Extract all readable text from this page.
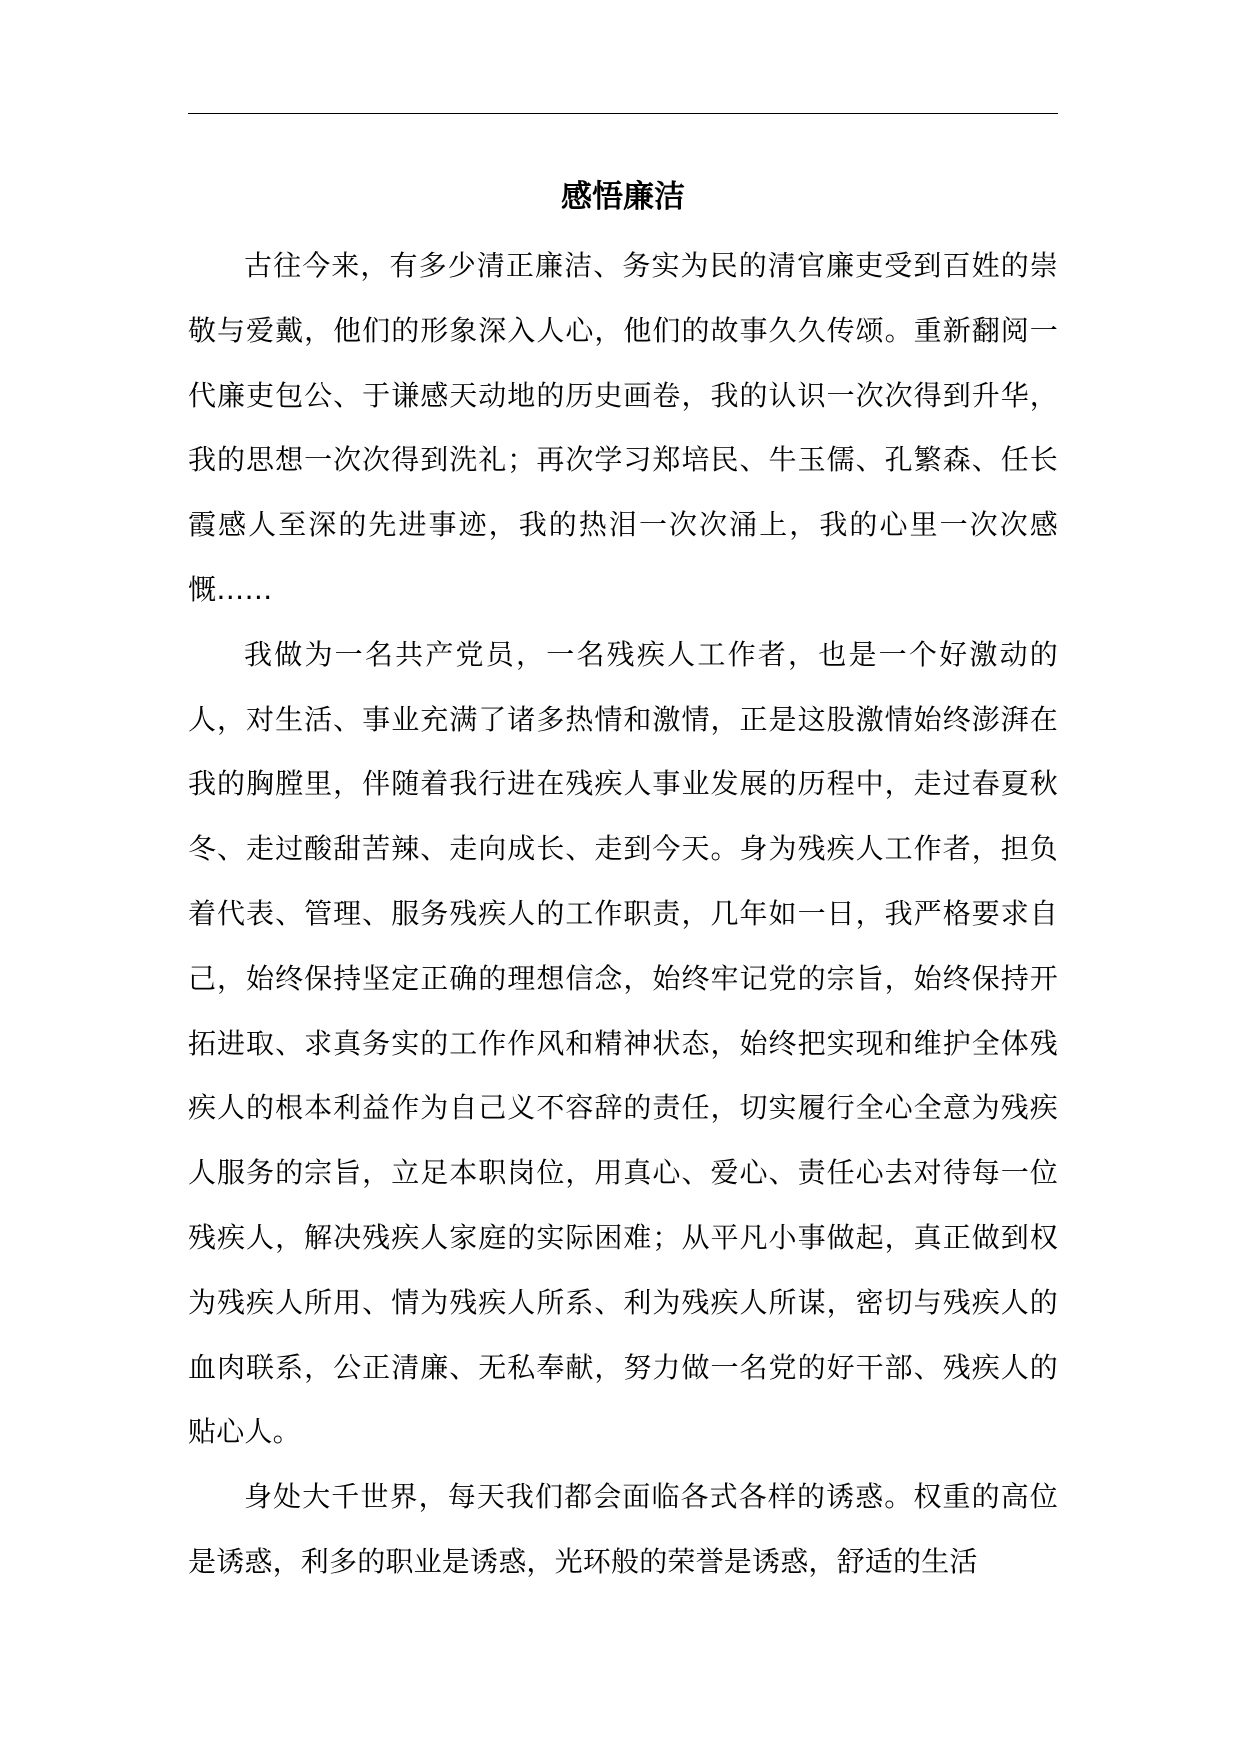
感悟廉洁

古往今来，有多少清正廉洁、务实为民的清官廉吏受到百姓的崇敬与爱戴，他们的形象深入人心，他们的故事久久传颂。重新翻阅一代廉吏包公、于谦感天动地的历史画卷，我的认识一次次得到升华，我的思想一次次得到洗礼；再次学习郑培民、牛玉儒、孔繁森、任长霞感人至深的先进事迹，我的热泪一次次涌上，我的心里一次次感慨……

我做为一名共产党员，一名残疾人工作者，也是一个好激动的人，对生活、事业充满了诸多热情和激情，正是这股激情始终澎湃在我的胸膛里，伴随着我行进在残疾人事业发展的历程中，走过春夏秋冬、走过酸甜苦辣、走向成长、走到今天。身为残疾人工作者，担负着代表、管理、服务残疾人的工作职责，几年如一日，我严格要求自己，始终保持坚定正确的理想信念，始终牢记党的宗旨，始终保持开拓进取、求真务实的工作作风和精神状态，始终把实现和维护全体残疾人的根本利益作为自己义不容辞的责任，切实履行全心全意为残疾人服务的宗旨，立足本职岗位，用真心、爱心、责任心去对待每一位残疾人，解决残疾人家庭的实际困难；从平凡小事做起，真正做到权为残疾人所用、情为残疾人所系、利为残疾人所谋，密切与残疾人的血肉联系，公正清廉、无私奉献，努力做一名党的好干部、残疾人的贴心人。

身处大千世界，每天我们都会面临各式各样的诱惑。权重的高位是诱惑，利多的职业是诱惑，光环般的荣誉是诱惑，舒适的生活
